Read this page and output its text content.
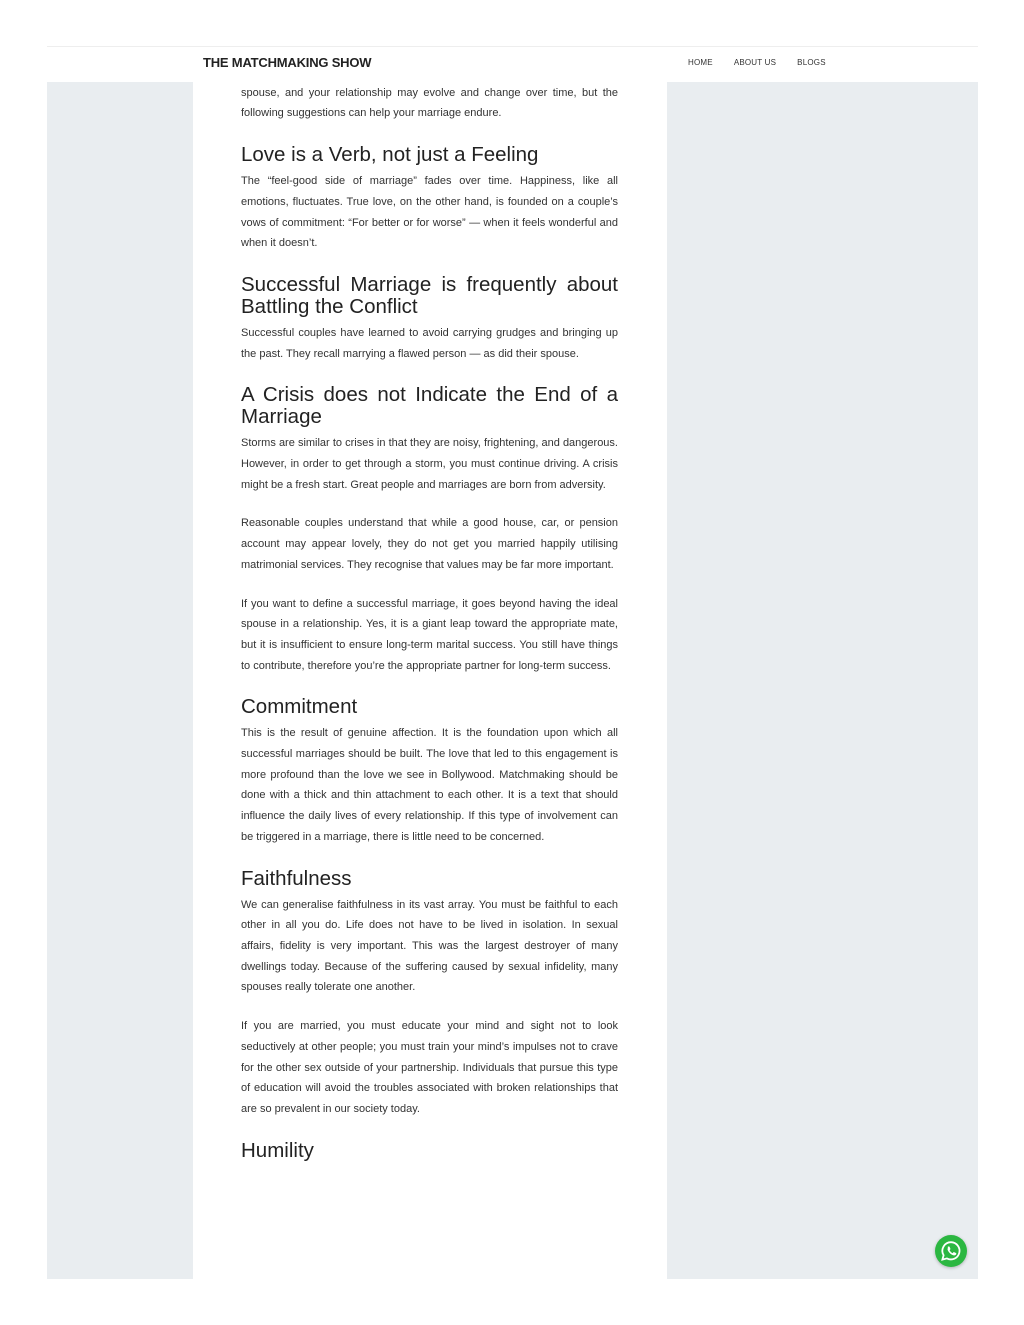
spouse, and your relationship may evolve and change over time, but the following suggestions can help your marriage endure.

Love is a Verb, not just a Feeling

The “feel-good side of marriage” fades over time. Happiness, like all emotions, fluctuates. True love, on the other hand, is founded on a couple’s vows of commitment: “For better or for worse” — when it feels wonderful and when it doesn’t.

Successful Marriage is frequently about Battling the Conflict

Successful couples have learned to avoid carrying grudges and bringing up the past. They recall marrying a flawed person — as did their spouse.

A Crisis does not Indicate the End of a Marriage

Storms are similar to crises in that they are noisy, frightening, and dangerous. However, in order to get through a storm, you must continue driving. A crisis might be a fresh start. Great people and marriages are born from adversity.

Reasonable couples understand that while a good house, car, or pension account may appear lovely, they do not get you married happily utilising matrimonial services. They recognise that values may be far more important.

If you want to define a successful marriage, it goes beyond having the ideal spouse in a relationship. Yes, it is a giant leap toward the appropriate mate, but it is insufficient to ensure long-term marital success. You still have things to contribute, therefore you’re the appropriate partner for long-term success.

Commitment

This is the result of genuine affection. It is the foundation upon which all successful marriages should be built. The love that led to this engagement is more profound than the love we see in Bollywood. Matchmaking should be done with a thick and thin attachment to each other. It is a text that should influence the daily lives of every relationship. If this type of involvement can be triggered in a marriage, there is little need to be concerned.

Faithfulness

We can generalise faithfulness in its vast array. You must be faithful to each other in all you do. Life does not have to be lived in isolation. In sexual affairs, fidelity is very important. This was the largest destroyer of many dwellings today. Because of the suffering caused by sexual infidelity, many spouses really tolerate one another.

If you are married, you must educate your mind and sight not to look seductively at other people; you must train your mind’s impulses not to crave for the other sex outside of your partnership. Individuals that pursue this type of education will avoid the troubles associated with broken relationships that are so prevalent in our society today.

Humility
THE MATCHMAKING SHOW	HOME	ABOUT US	BLOGS
